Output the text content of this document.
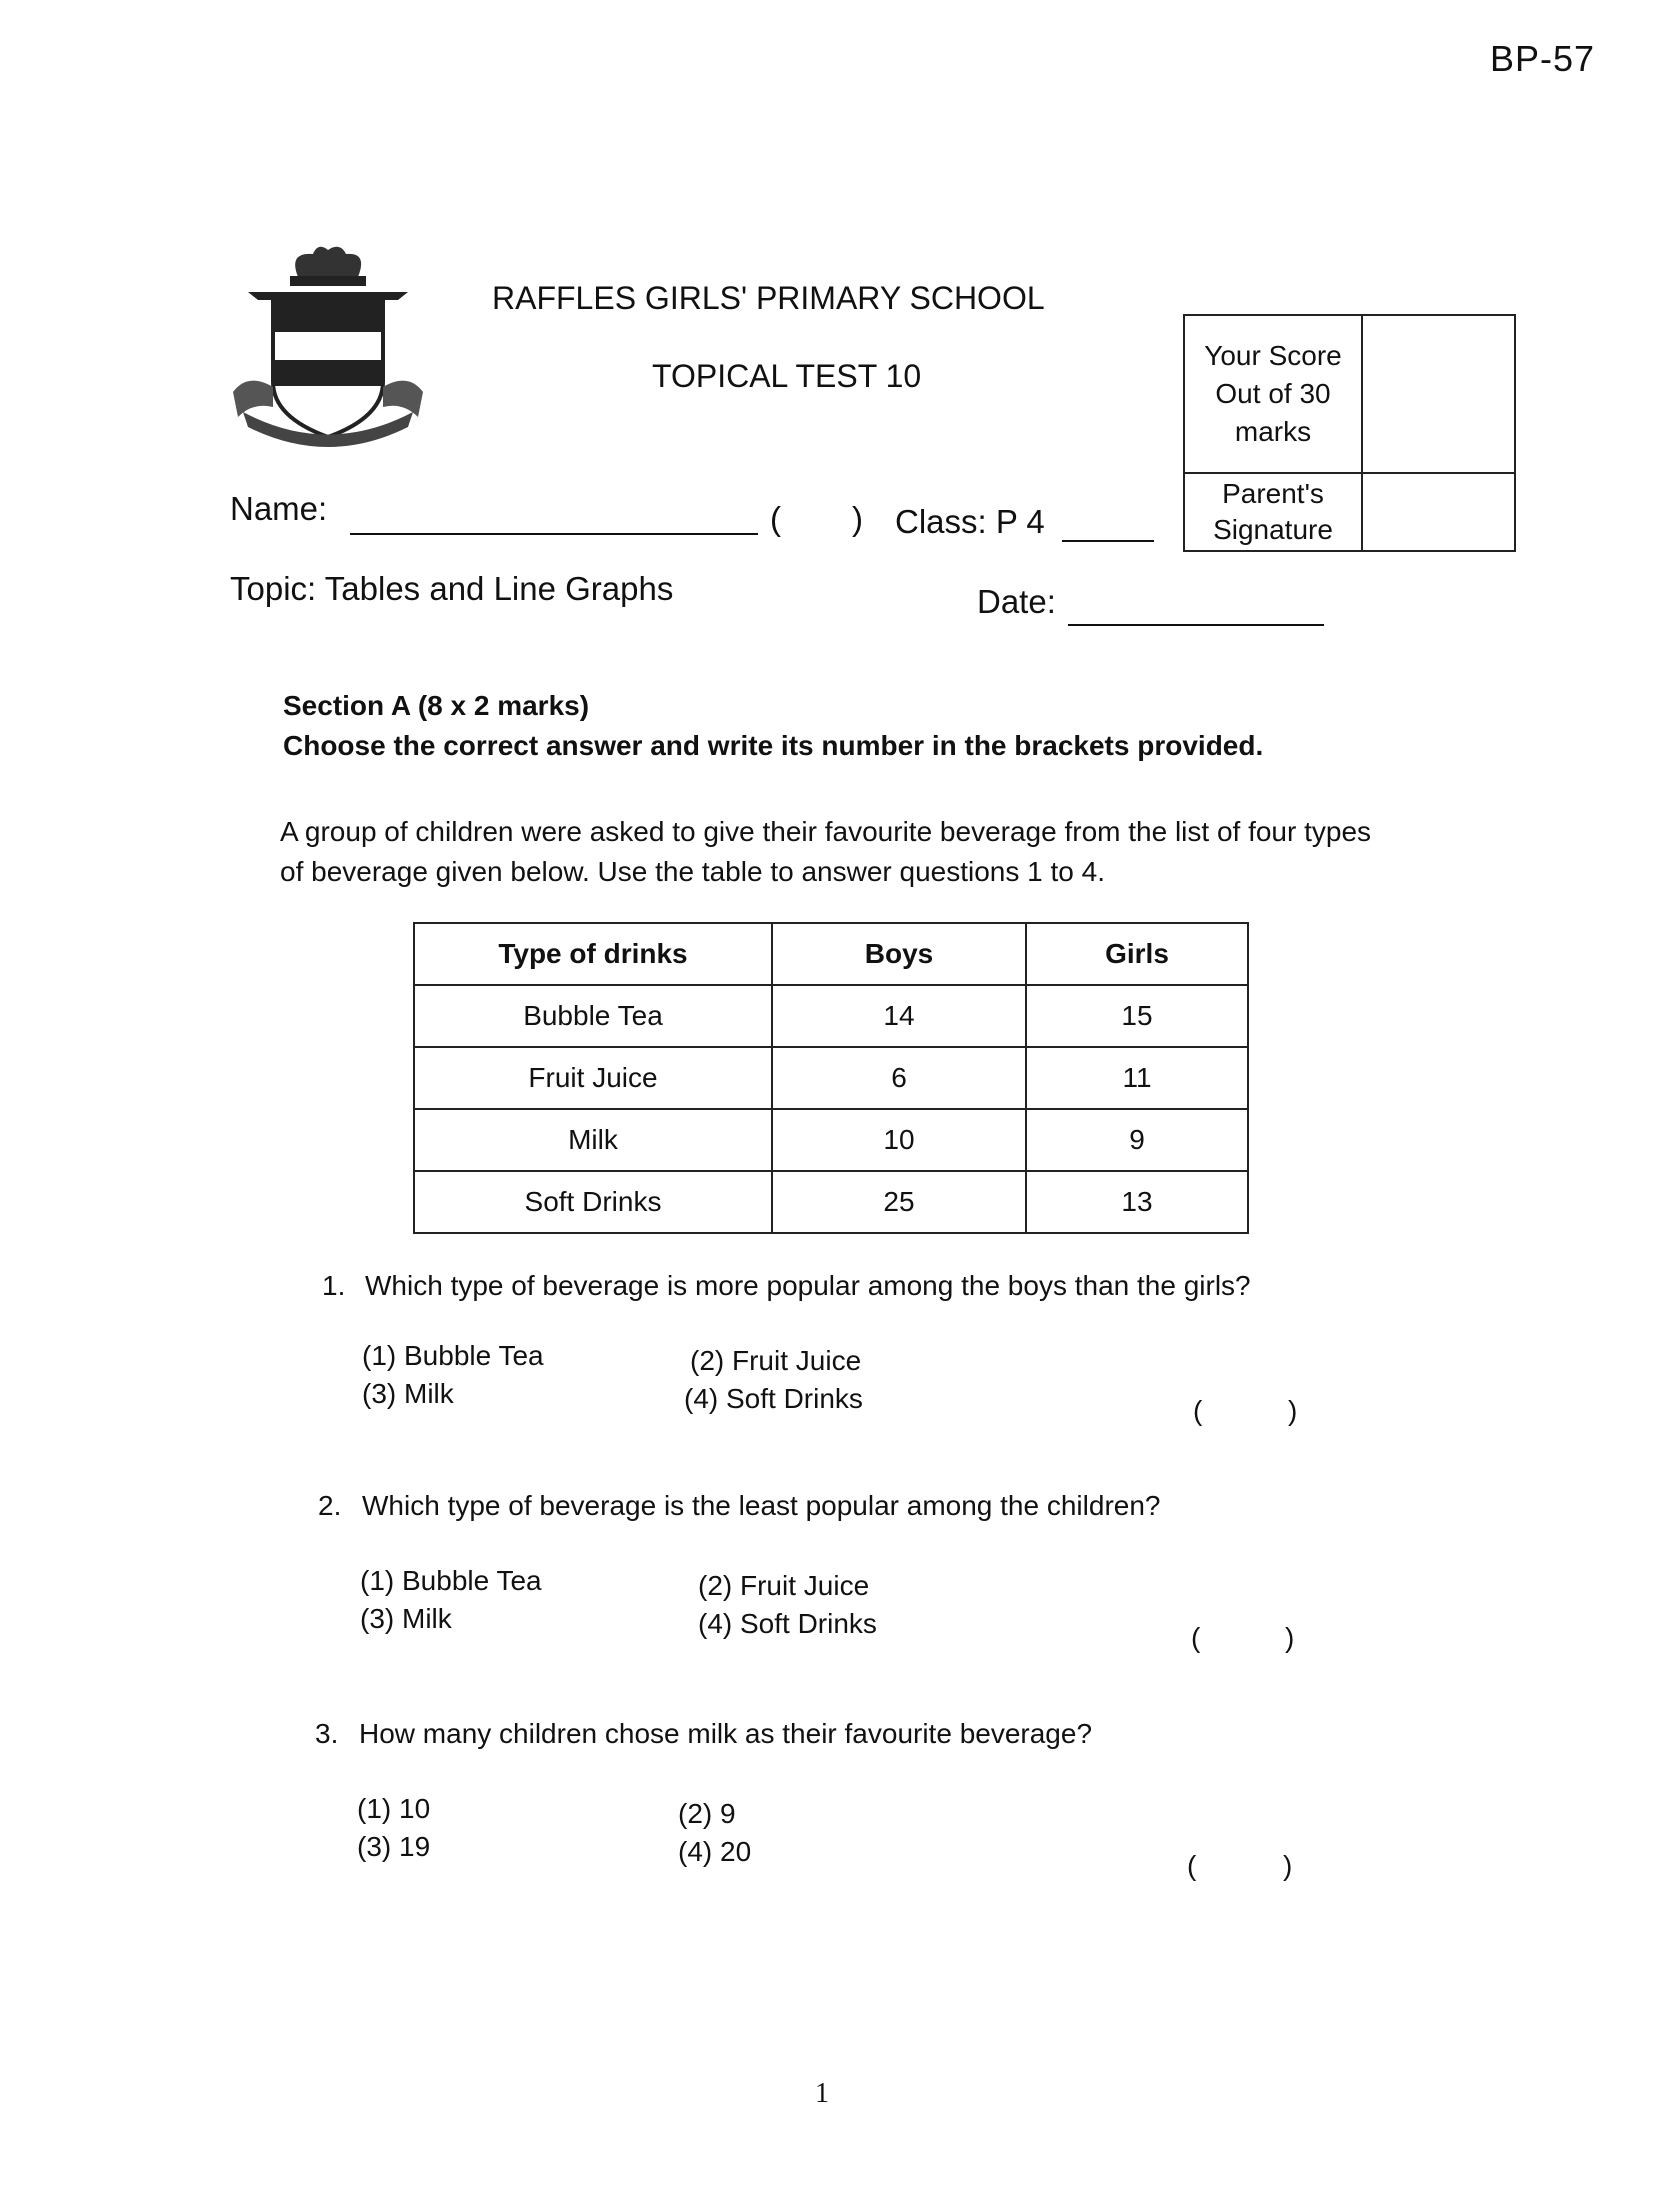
BP-57
RAFFLES GIRLS' PRIMARY SCHOOL
TOPICAL TEST 10
Your Score Out of 30 marks	
Parent's Signature	
Name:	( ) Class: P 4
Topic: Tables and Line Graphs	Date:
Section A (8 x 2 marks)
Choose the correct answer and write its number in the brackets provided.
A group of children were asked to give their favourite beverage from the list of four types of beverage given below. Use the table to answer questions 1 to 4.
Type of drinks	Boys	Girls
Bubble Tea	14	15
Fruit Juice	6	11
Milk	10	9
Soft Drinks	25	13
1. Which type of beverage is more popular among the boys than the girls?
(1) Bubble Tea	(2) Fruit Juice
(3) Milk	(4) Soft Drinks	(	)
2. Which type of beverage is the least popular among the children?
(1) Bubble Tea	(2) Fruit Juice
(3) Milk	(4) Soft Drinks	(	)
3. How many children chose milk as their favourite beverage?
(1) 10	(2) 9
(3) 19	(4) 20	(	)
1
